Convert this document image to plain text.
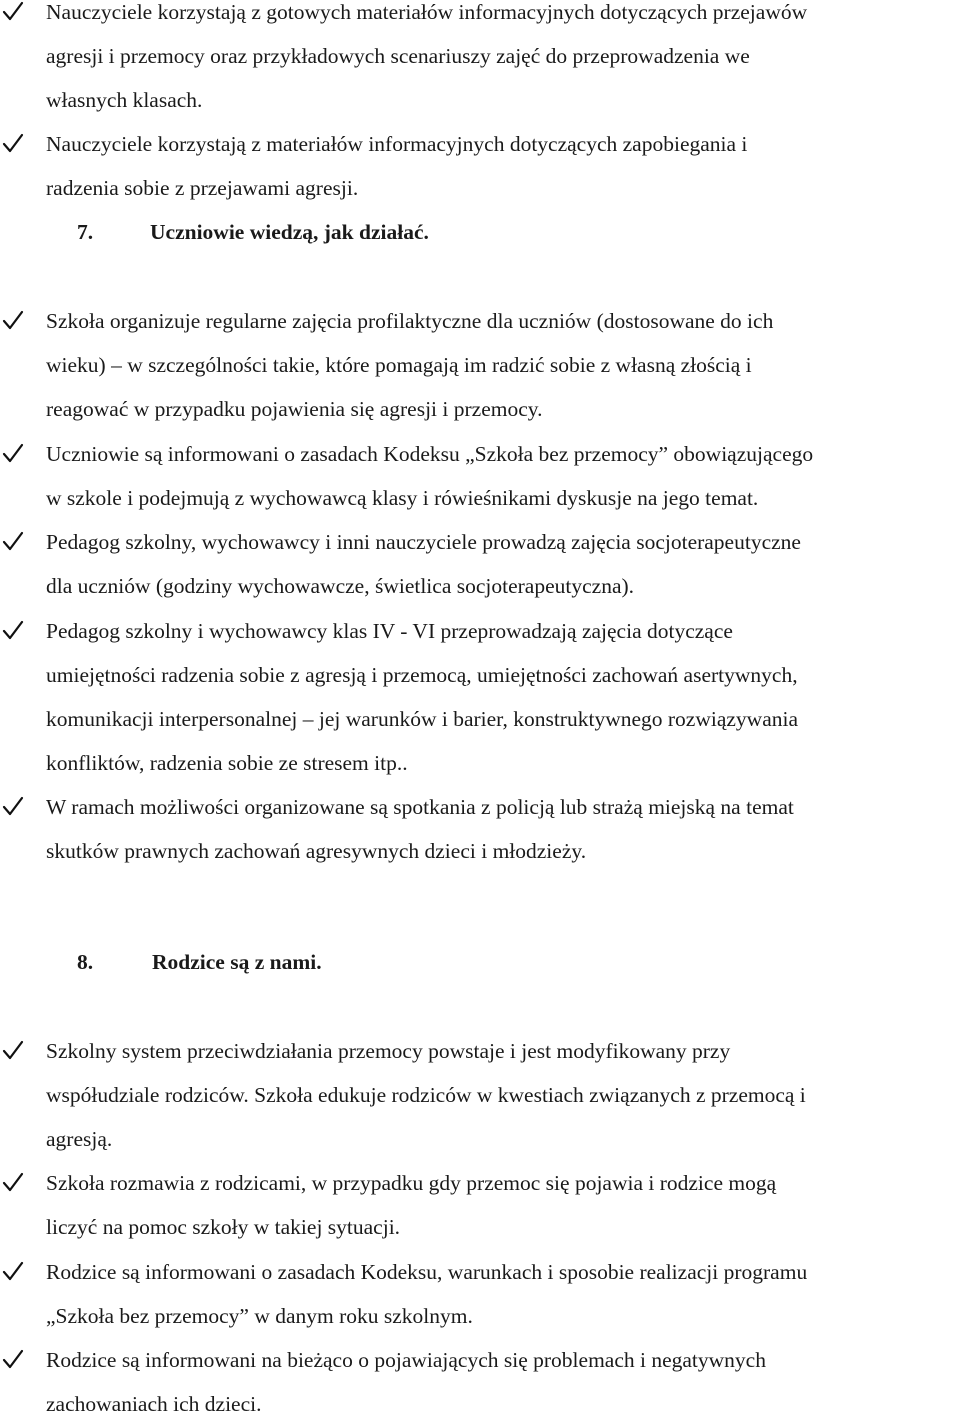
Nauczyciele korzystają z gotowych materiałów informacyjnych dotyczących przejawów
agresji i przemocy oraz przykładowych scenariuszy zajęć do przeprowadzenia we
własnych klasach.
Nauczyciele korzystają z materiałów informacyjnych dotyczących zapobiegania i
radzenia sobie z przejawami agresji.
7.	Uczniowie wiedzą, jak działać.
Szkoła organizuje regularne zajęcia profilaktyczne dla uczniów (dostosowane do ich
wieku) – w szczególności takie, które pomagają im radzić sobie z własną złością i
reagować w przypadku pojawienia się agresji i przemocy.
Uczniowie są informowani o zasadach Kodeksu „Szkoła bez przemocy” obowiązującego
w szkole i podejmują z wychowawcą klasy i rówieśnikami dyskusje na jego temat.
Pedagog szkolny, wychowawcy i inni nauczyciele prowadzą zajęcia socjoterapeutyczne
dla uczniów (godziny wychowawcze, świetlica socjoterapeutyczna).
Pedagog szkolny i wychowawcy klas IV - VI przeprowadzają zajęcia dotyczące
umiejętności radzenia sobie z agresją i przemocą, umiejętności zachowań asertywnych,
komunikacji interpersonalnej – jej warunków i barier, konstruktywnego rozwiązywania
konfliktów, radzenia sobie ze stresem itp..
W ramach możliwości organizowane są spotkania z policją lub strażą miejską na temat
skutków prawnych zachowań agresywnych dzieci i młodzieży.
8.	Rodzice są z nami.
Szkolny system przeciwdziałania przemocy powstaje i jest modyfikowany przy
współudziale rodziców. Szkoła edukuje rodziców w kwestiach związanych z przemocą i
agresją.
Szkoła rozmawia z rodzicami, w przypadku gdy przemoc się pojawia i rodzice mogą
liczyć na pomoc szkoły w takiej sytuacji.
Rodzice są informowani o zasadach Kodeksu, warunkach i sposobie realizacji programu
„Szkoła bez przemocy” w danym roku szkolnym.
Rodzice są informowani na bieżąco o pojawiających się problemach i negatywnych
zachowaniach ich dzieci.
